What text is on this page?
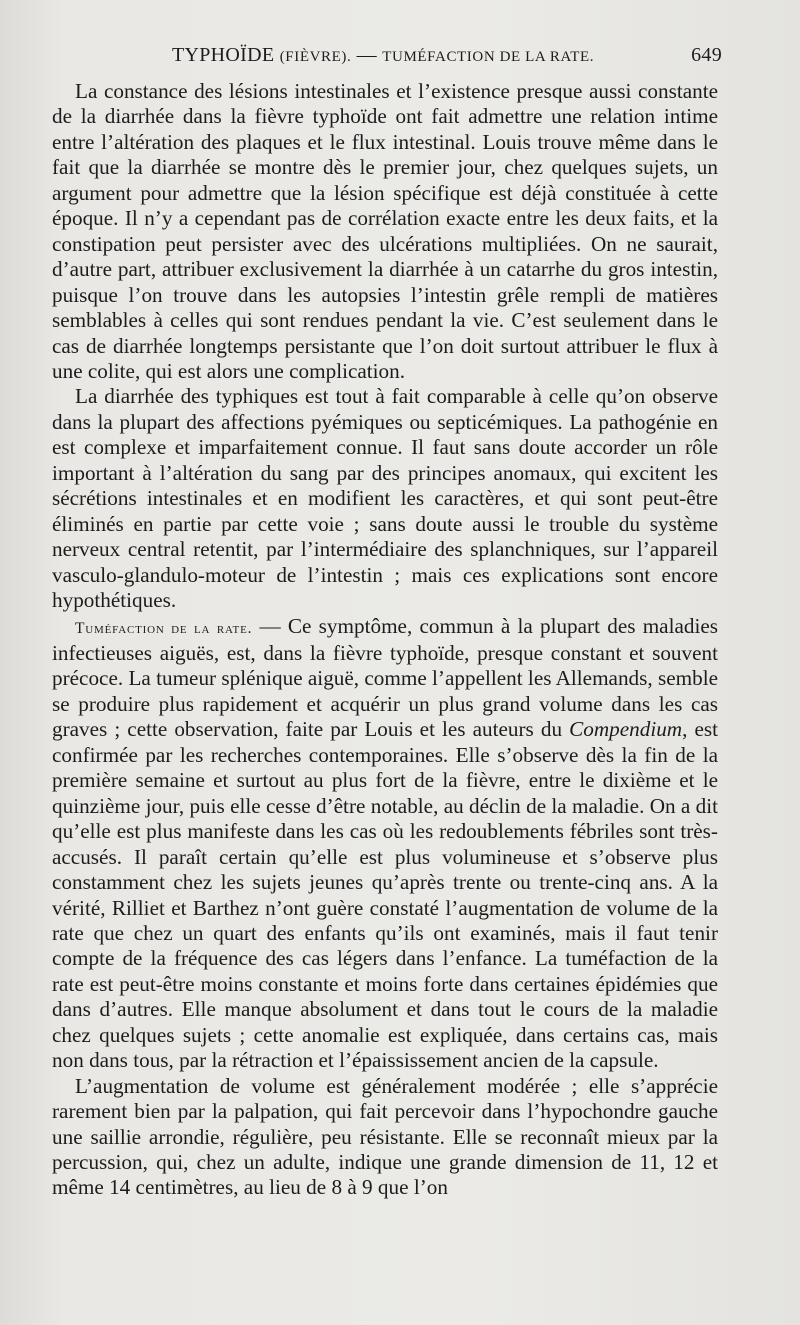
TYPHOÏDE (FIÈVRE). — TUMÉFACTION DE LA RATE.	649

La constance des lésions intestinales et l’existence presque aussi constante de la diarrhée dans la fièvre typhoïde ont fait admettre une relation intime entre l’altération des plaques et le flux intestinal. Louis trouve même dans le fait que la diarrhée se montre dès le premier jour, chez quelques sujets, un argument pour admettre que la lésion spécifique est déjà constituée à cette époque. Il n’y a cependant pas de corrélation exacte entre les deux faits, et la constipation peut persister avec des ulcérations multipliées. On ne saurait, d’autre part, attribuer exclusivement la diarrhée à un catarrhe du gros intestin, puisque l’on trouve dans les autopsies l’intestin grêle rempli de matières semblables à celles qui sont rendues pendant la vie. C’est seulement dans le cas de diarrhée longtemps persistante que l’on doit surtout attribuer le flux à une colite, qui est alors une complication.

La diarrhée des typhiques est tout à fait comparable à celle qu’on observe dans la plupart des affections pyémiques ou septicémiques. La pathogénie en est complexe et imparfaitement connue. Il faut sans doute accorder un rôle important à l’altération du sang par des principes anomaux, qui excitent les sécrétions intestinales et en modifient les caractères, et qui sont peut-être éliminés en partie par cette voie ; sans doute aussi le trouble du système nerveux central retentit, par l’intermédiaire des splanchniques, sur l’appareil vasculo-glandulo-moteur de l’intestin ; mais ces explications sont encore hypothétiques.

Tuméfaction de la rate. — Ce symptôme, commun à la plupart des maladies infectieuses aiguës, est, dans la fièvre typhoïde, presque constant et souvent précoce. La tumeur splénique aiguë, comme l’appellent les Allemands, semble se produire plus rapidement et acquérir un plus grand volume dans les cas graves ; cette observation, faite par Louis et les auteurs du Compendium, est confirmée par les recherches contemporaines. Elle s’observe dès la fin de la première semaine et surtout au plus fort de la fièvre, entre le dixième et le quinzième jour, puis elle cesse d’être notable, au déclin de la maladie. On a dit qu’elle est plus manifeste dans les cas où les redoublements fébriles sont très-accusés. Il paraît certain qu’elle est plus volumineuse et s’observe plus constamment chez les sujets jeunes qu’après trente ou trente-cinq ans. A la vérité, Rilliet et Barthez n’ont guère constaté l’augmentation de volume de la rate que chez un quart des enfants qu’ils ont examinés, mais il faut tenir compte de la fréquence des cas légers dans l’enfance. La tuméfaction de la rate est peut-être moins constante et moins forte dans certaines épidémies que dans d’autres. Elle manque absolument et dans tout le cours de la maladie chez quelques sujets ; cette anomalie est expliquée, dans certains cas, mais non dans tous, par la rétraction et l’épaississement ancien de la capsule.

L’augmentation de volume est généralement modérée ; elle s’apprécie rarement bien par la palpation, qui fait percevoir dans l’hypochondre gauche une saillie arrondie, régulière, peu résistante. Elle se reconnaît mieux par la percussion, qui, chez un adulte, indique une grande dimension de 11, 12 et même 14 centimètres, au lieu de 8 à 9 que l’on
